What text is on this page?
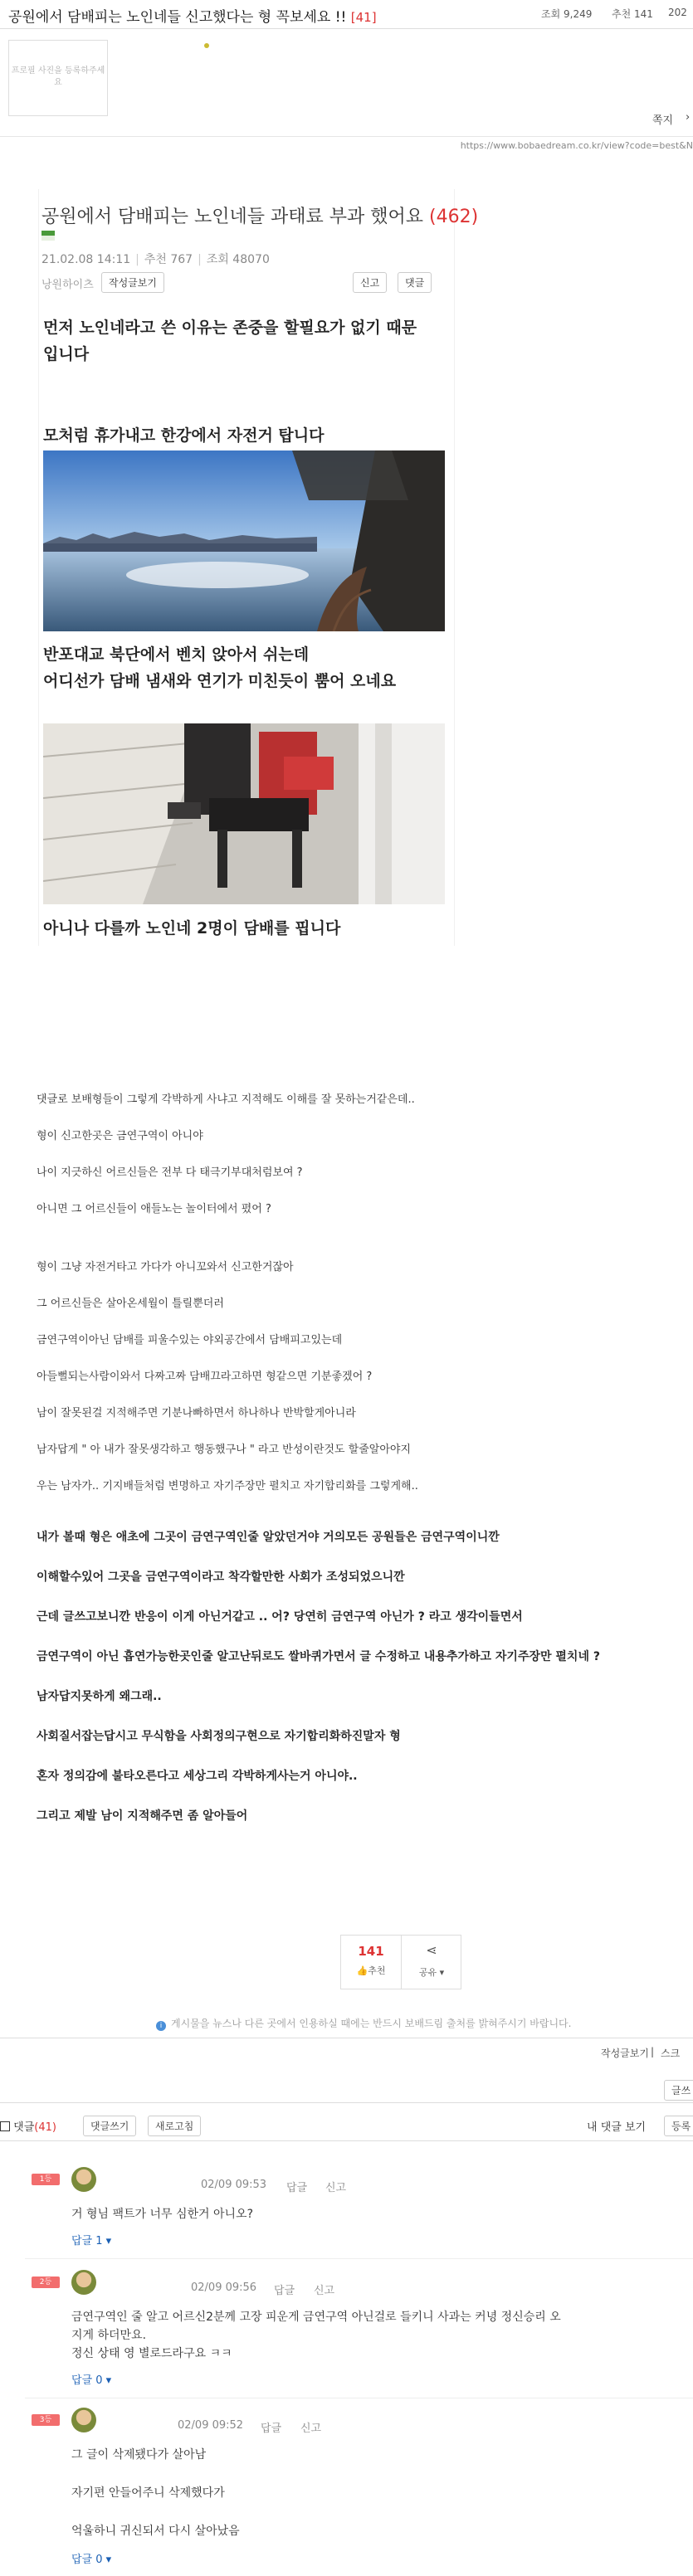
공원에서 담배피는 노인네들 신고했다는 형 꼭보세요 !! [41]	조회 9,249 추천 141 202
프로필 사진을 등록하주세요
쪽지 ›
https://www.bobaedream.co.kr/view?code=best&N
공원에서 담배피는 노인네들 과태료 부과 했어요 (462)
21.02.08 14:11 | 추천 767 | 조회 48070
낭원하이츠	작성글보기	신고	댓글
먼저 노인네라고 쓴 이유는 존중을 할필요가 없기 때문
입니다
모처럼 휴가내고 한강에서 자전거 탑니다
반포대교 북단에서 벤치 앉아서 쉬는데
어디선가 담배 냄새와 연기가 미친듯이 뿜어 오네요
아니나 다를까 노인네 2명이 담배를 핍니다
댓글로 보배형들이 그렇게 각박하게 사냐고 지적해도 이해를 잘 못하는거같은데..
형이 신고한곳은 금연구역이 아니야
나이 지긋하신 어르신들은 전부 다 태극기부대처럼보여 ?
아니면 그 어르신들이 애들노는 놀이터에서 폈어 ?
형이 그냥 자전거타고 가다가 아니꼬와서 신고한거잖아
그 어르신들은 살아온세월이 틀릴뿐더러
금연구역이아닌 담배를 피울수있는 야외공간에서 담배피고있는데
아들뻘되는사람이와서 다짜고짜 담배끄라고하면 형같으면 기분좋겠어 ?
남이 잘못된걸 지적해주면 기분나빠하면서 하나하나 반박할게아니라
남자답게 " 아 내가 잘못생각하고 행동했구나 " 라고 반성이란것도 할줄알아야지
우는 남자가.. 기지배들처럼 변명하고 자기주장만 펼치고 자기합리화를 그렇게해..
내가 볼때 형은 애초에 그곳이 금연구역인줄 알았던거야 거의모든 공원들은 금연구역이니깐
이해할수있어 그곳을 금연구역이라고 착각할만한 사회가 조성되었으니깐
근데 글쓰고보니깐 반응이 이게 아닌거같고 .. 어? 당연히 금연구역 아닌가 ? 라고 생각이들면서
금연구역이 아닌 흡연가능한곳인줄 알고난뒤로도 쌀바퀴가면서 글 수정하고 내용추가하고 자기주장만 펼치네 ?
남자답지못하게 왜그래..
사회질서잡는답시고 무식함을 사회정의구현으로 자기합리화하진말자 형
혼자 정의감에 불타오른다고 세상그리 각박하게사는거 아니야..
그리고 제발 남이 지적해주면 좀 알아들어
141
👍추천
⋖
공유 ▾
i 게시물을 뉴스나 다른 곳에서 인용하실 때에는 반드시 보배드림 출처를 밝혀주시기 바랍니다.
작성글보기 | 스크
글쓰
댓글(41)	댓글쓰기	새로고침	내 댓글 보기	등록
1등	02/09 09:53 답글 신고
거 형님 팩트가 너무 심한거 아니오?
답글 1 ▾
2등	02/09 09:56 답글 신고
금연구역인 줄 알고 어르신2분께 고장 피운게 금연구역 아닌걸로 들키니 사과는 커녕 정신승리 오
지게 하더만요.
정신 상태 영 별로드라구요 ㅋㅋ
답글 0 ▾
3등	02/09 09:52 답글 신고
그 글이 삭제됐다가 살아남
자기편 안들어주니 삭제했다가
억울하니 귀신되서 다시 살아났음
답글 0 ▾
